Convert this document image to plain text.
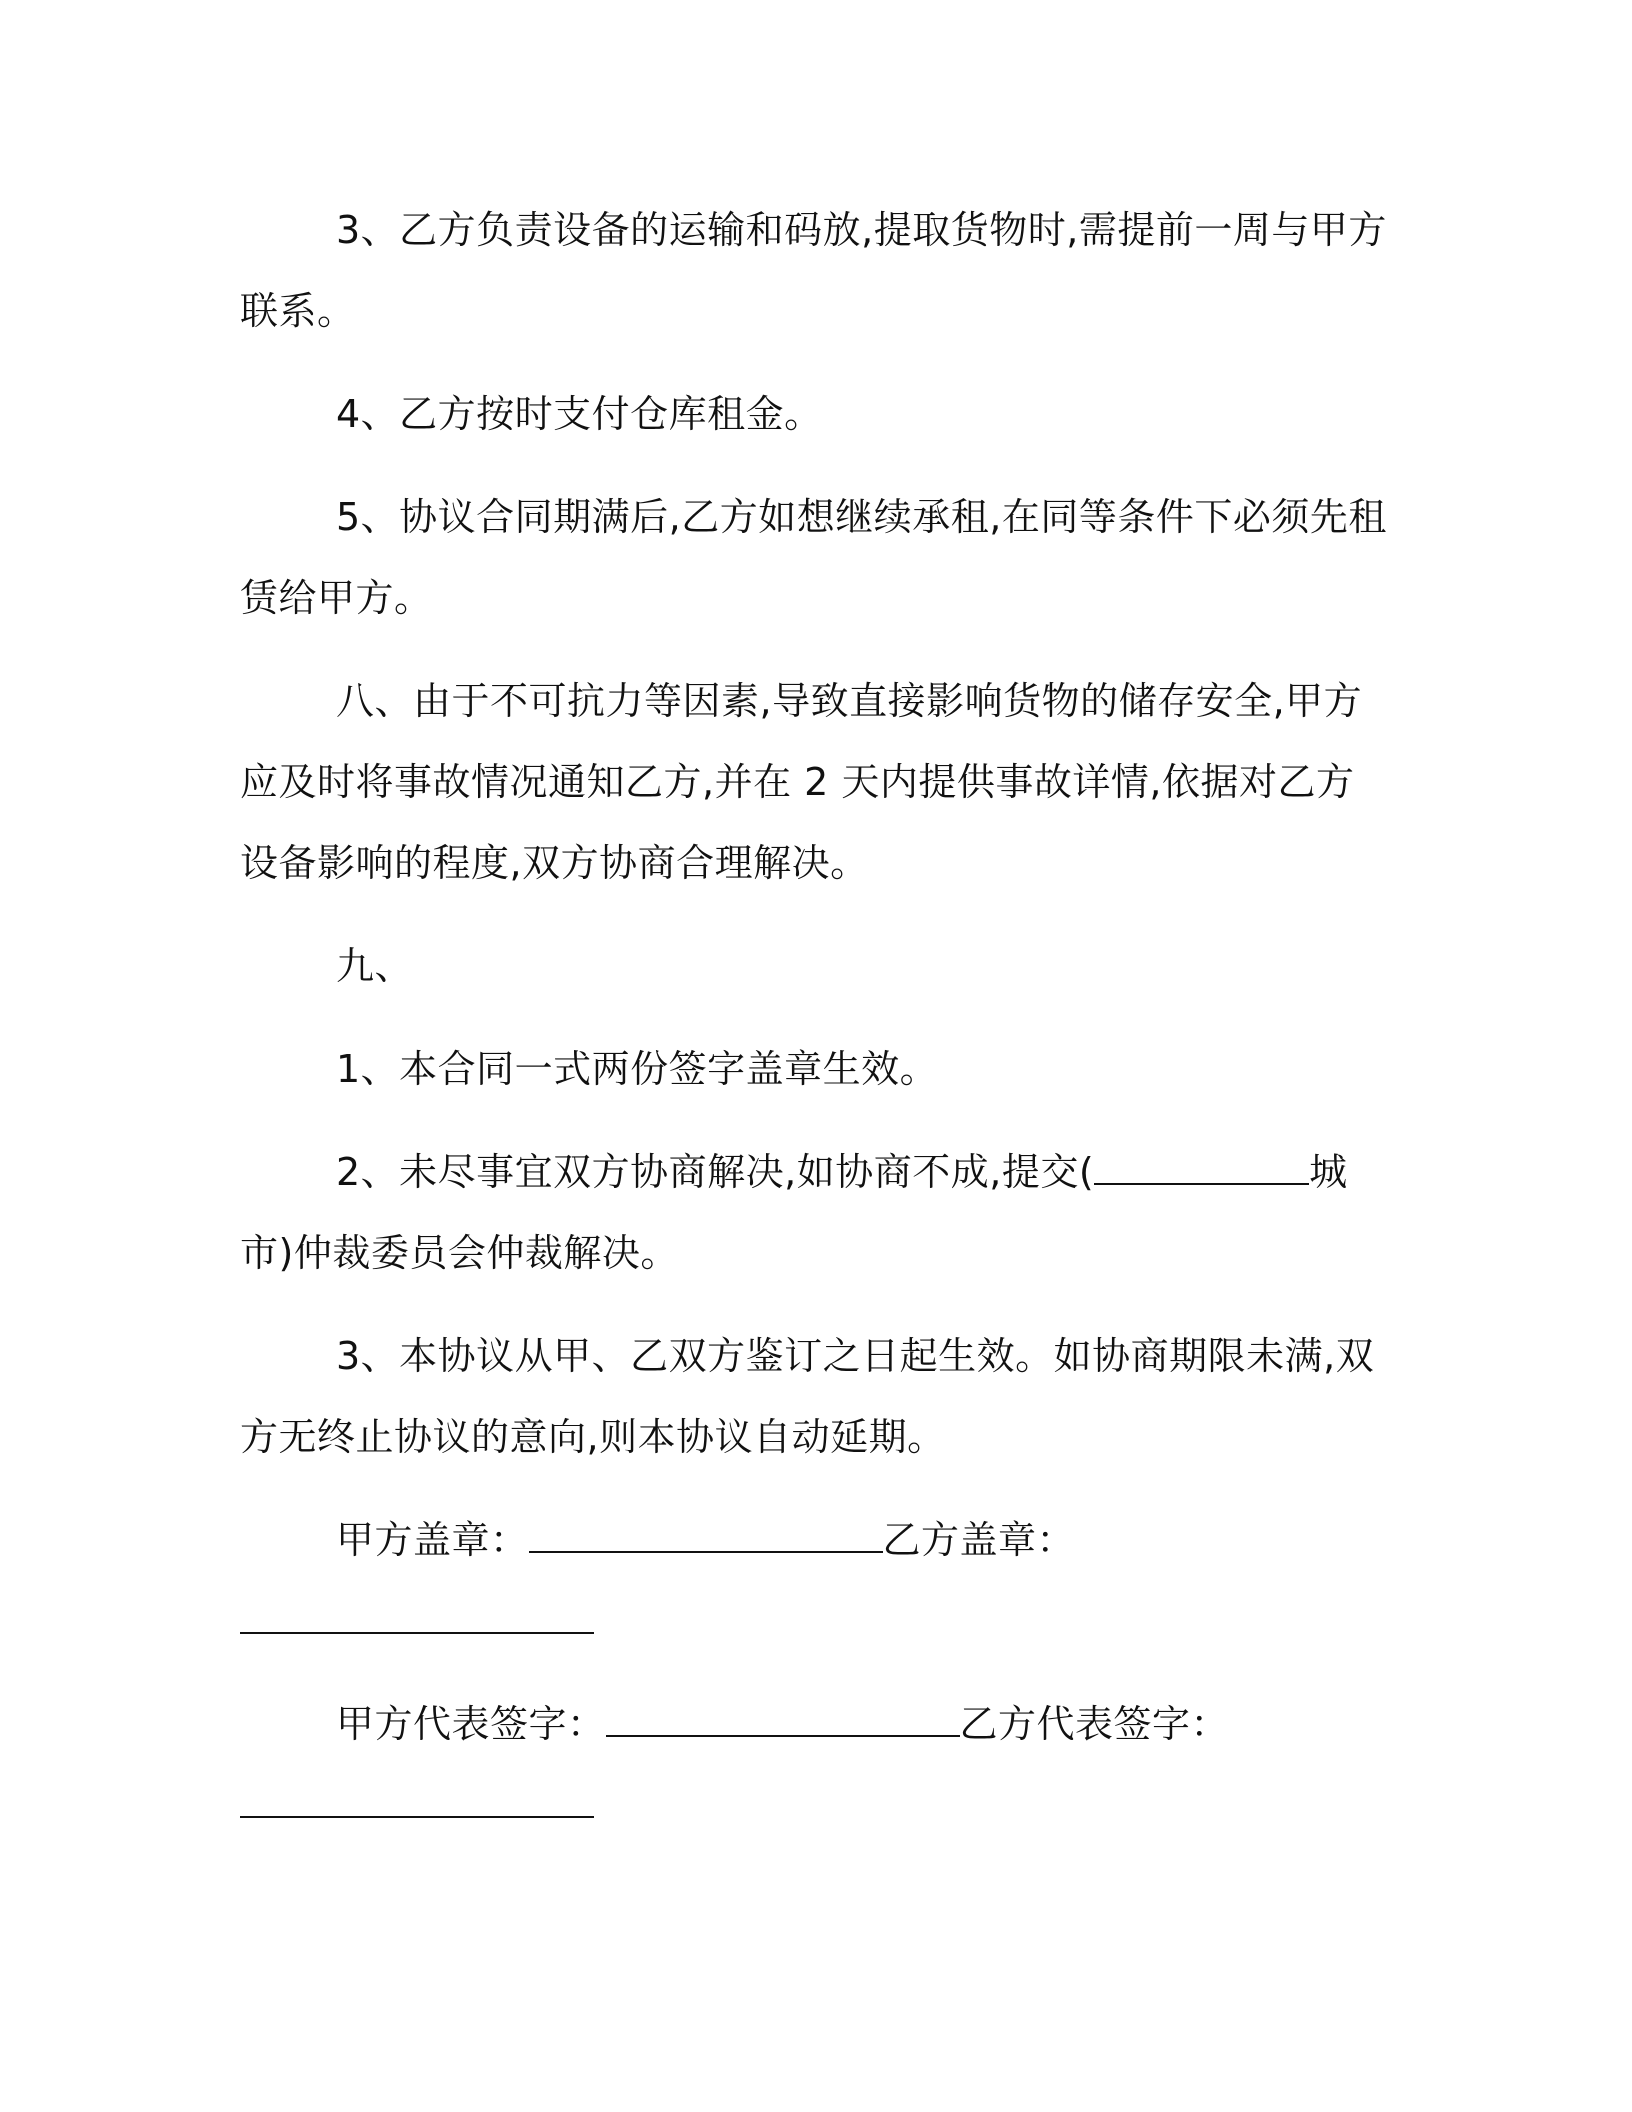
3、乙方负责设备的运输和码放,提取货物时,需提前一周与甲方联系。

4、乙方按时支付仓库租金。

5、协议合同期满后,乙方如想继续承租,在同等条件下必须先租赁给甲方。

八、由于不可抗力等因素,导致直接影响货物的储存安全,甲方应及时将事故情况通知乙方,并在 2 天内提供事故详情,依据对乙方设备影响的程度,双方协商合理解决。

九、

1、本合同一式两份签字盖章生效。

2、未尽事宜双方协商解决,如协商不成,提交(	城市)仲裁委员会仲裁解决。

3、本协议从甲、乙双方鉴订之日起生效。如协商期限未满,双方无终止协议的意向,则本协议自动延期。

甲方盖章：	乙方盖章：

甲方代表签字：	乙方代表签字：
